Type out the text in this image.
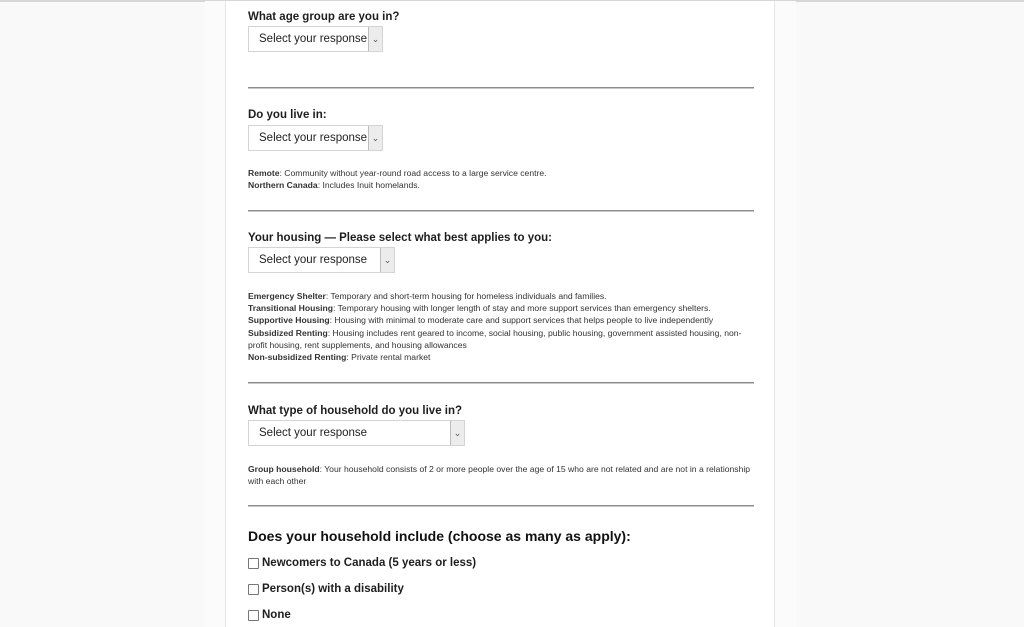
What age group are you in?
Select your response ⌄
Do you live in:
Select your response ⌄
Remote: Community without year-round road access to a large service centre.
Northern Canada: Includes Inuit homelands.
Your housing — Please select what best applies to you:
Select your response	⌄
Emergency Shelter: Temporary and short-term housing for homeless individuals and families.
Transitional Housing: Temporary housing with longer length of stay and more support services than emergency shelters.
Supportive Housing: Housing with minimal to moderate care and support services that helps people to live independently
Subsidized Renting: Housing includes rent geared to income, social housing, public housing, government assisted housing, non-profit housing, rent supplements, and housing allowances
Non-subsidized Renting: Private rental market
What type of household do you live in?
Select your response	⌄
Group household: Your household consists of 2 or more people over the age of 15 who are not related and are not in a relationship with each other
Does your household include (choose as many as apply):
Newcomers to Canada (5 years or less)
Person(s) with a disability
None
